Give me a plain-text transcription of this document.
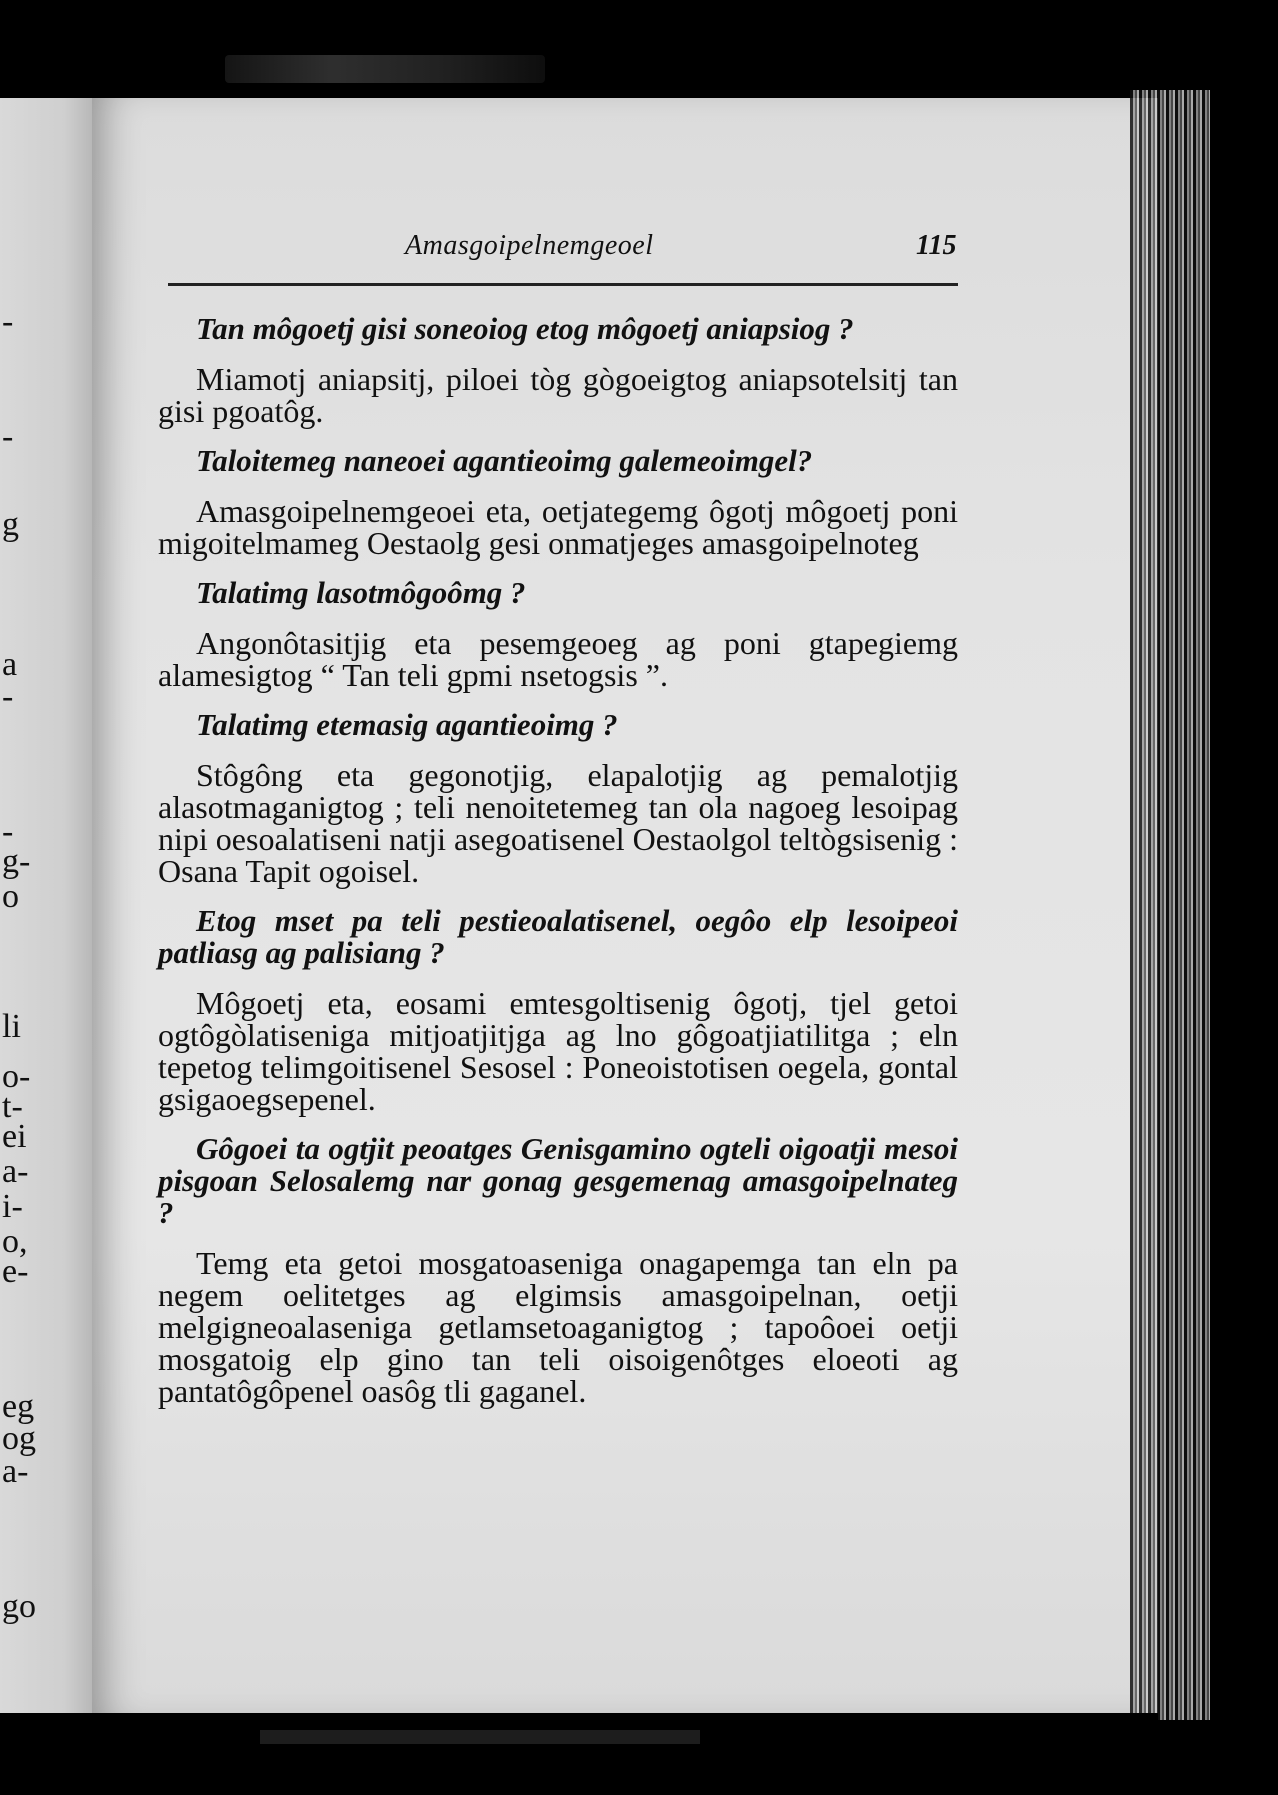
-
-
g
a
-
-
g-
o
li
o-
t-
ei
a-
i-
o,
e-
eg
og
a-
go
Amasgoipelnemgeoel	115

Tan môgoetj gisi soneoiog etog môgoetj aniapsiog ?

Miamotj aniapsitj, piloei tòg gògoeigtog aniapsotelsitj tan gisi pgoatôg.

Taloitemeg naneoei agantieoimg galemeoimgel?

Amasgoipelnemgeoei eta, oetjategemg ôgotj môgoetj poni migoitelmameg Oestaolg gesi onmatjeges amasgoipelnoteg

Talatimg lasotmôgoômg ?

Angonôtasitjig eta pesemgeoeg ag poni gtapegiemg alamesigtog “ Tan teli gpmi nsetogsis ”.

Talatimg etemasig agantieoimg ?

Stôgông eta gegonotjig, elapalotjig ag pemalotjig alasotmaganigtog ; teli nenoitetemeg tan ola nagoeg lesoipag nipi oesoalatiseni natji asegoatisenel Oestaolgol teltògsisenig : Osana Tapit ogoisel.

Etog mset pa teli pestieoalatisenel, oegôo elp lesoipeoi patliasg ag palisiang ?

Môgoetj eta, eosami emtesgoltisenig ôgotj, tjel getoi ogtôgòlatiseniga mitjoatjitjga ag lno gôgoatjiatilitga ; eln tepetog telimgoitisenel Sesosel : Poneoistotisen oegela, gontal gsigaoegsepenel.

Gôgoei ta ogtjit peoatges Genisgamino ogteli oigoatji mesoi pisgoan Selosalemg nar gonag gesgemenag amasgoipelnateg ?

Temg eta getoi mosgatoaseniga onagapemga tan eln pa negem oelitetges ag elgimsis amasgoipelnan, oetji melgigneoalaseniga getlamsetoaganigtog ; tapoôoei oetji mosgatoig elp gino tan teli oisoigenôtges eloeoti ag pantatôgôpenel oasôg tli gaganel.
